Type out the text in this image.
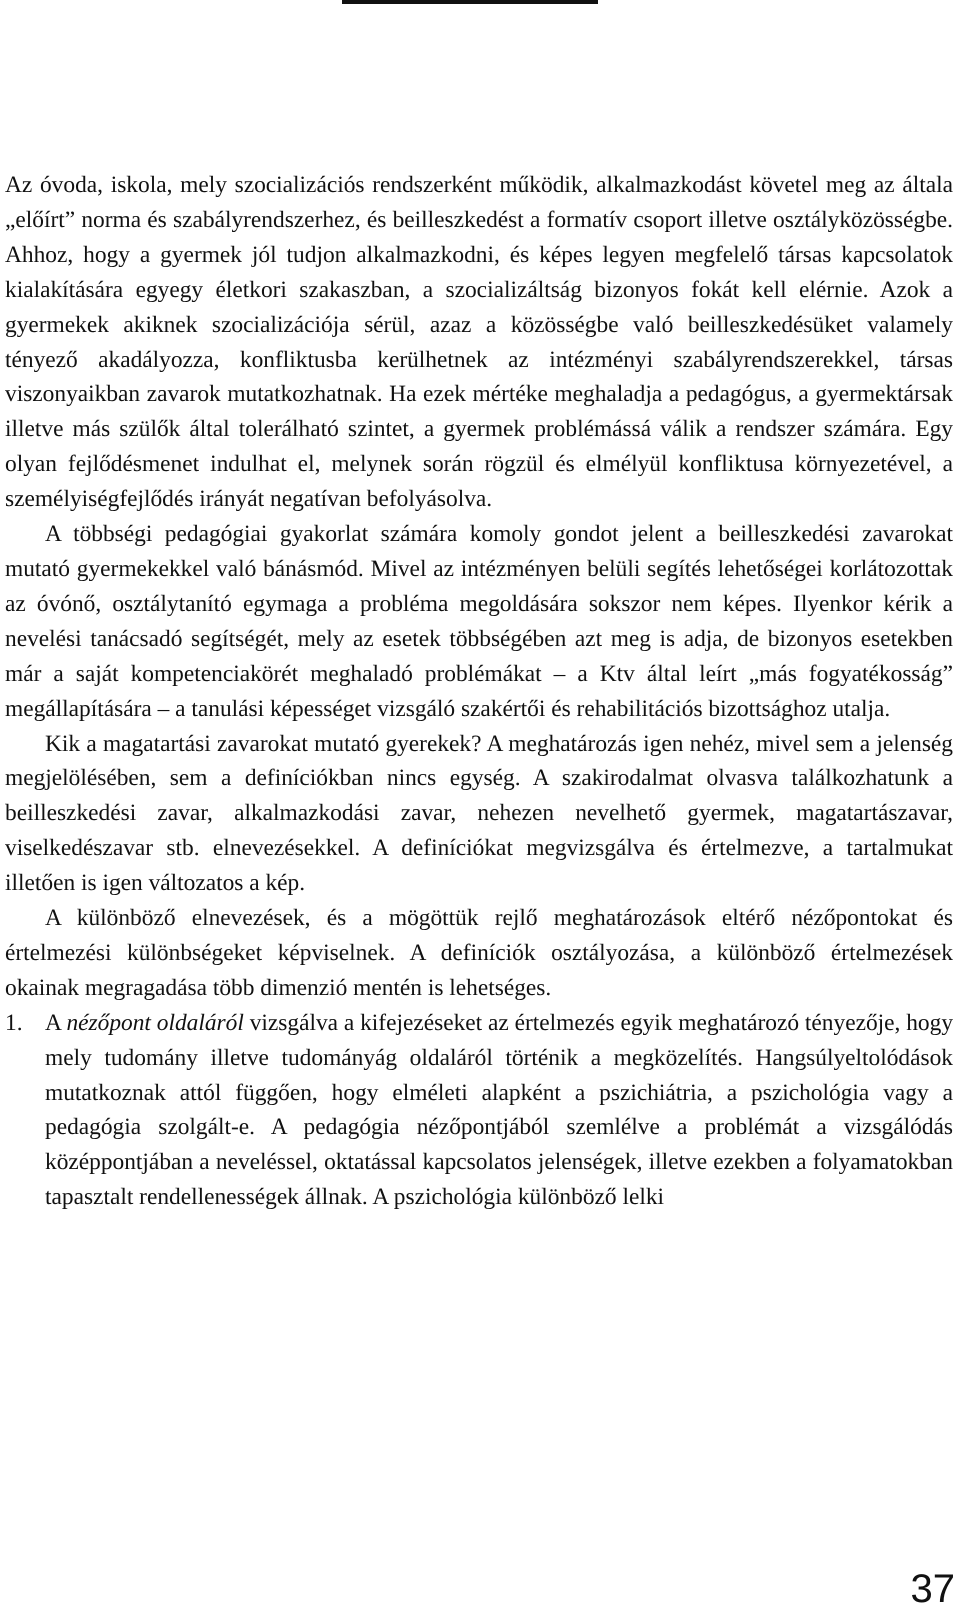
Az óvoda, iskola, mely szocializációs rendszerként működik, alkalmazkodást követel meg az általa „előírt” norma és szabályrendszerhez, és beilleszkedést a formatív csoport illetve osztályközösségbe. Ahhoz, hogy a gyermek jól tudjon alkalmazkodni, és képes legyen megfelelő társas kapcsolatok kialakítására egyegy életkori szakaszban, a szocializáltság bizonyos fokát kell elérnie. Azok a gyermekek akiknek szocializációja sérül, azaz a közösségbe való beilleszkedésüket valamely tényező akadályozza, konfliktusba kerülhetnek az intézményi szabályrendszerekkel, társas viszonyaikban zavarok mutatkozhatnak. Ha ezek mértéke meghaladja a pedagógus, a gyermektársak illetve más szülők által tolerálható szintet, a gyermek problémássá válik a rendszer számára. Egy olyan fejlődésmenet indulhat el, melynek során rögzül és elmélyül konfliktusa környezetével, a személyiségfejlődés irányát negatívan befolyásolva.

A többségi pedagógiai gyakorlat számára komoly gondot jelent a beilleszkedési zavarokat mutató gyermekekkel való bánásmód. Mivel az intézményen belüli segítés lehetőségei korlátozottak az óvónő, osztálytanító egymaga a probléma megoldására sokszor nem képes. Ilyenkor kérik a nevelési tanácsadó segítségét, mely az esetek többségében azt meg is adja, de bizonyos esetekben már a saját kompetenciakörét meghaladó problémákat – a Ktv által leírt „más fogyatékosság” megállapítására – a tanulási képességet vizsgáló szakértői és rehabilitációs bizottsághoz utalja.

Kik a magatartási zavarokat mutató gyerekek? A meghatározás igen nehéz, mivel sem a jelenség megjelölésében, sem a definíciókban nincs egység. A szakirodalmat olvasva találkozhatunk a beilleszkedési zavar, alkalmazkodási zavar, nehezen nevelhető gyermek, magatartászavar, viselkedészavar stb. elnevezésekkel. A definíciókat megvizsgálva és értelmezve, a tartalmukat illetően is igen változatos a kép.

A különböző elnevezések, és a mögöttük rejlő meghatározások eltérő nézőpontokat és értelmezési különbségeket képviselnek. A definíciók osztályozása, a különböző értelmezések okainak megragadása több dimenzió mentén is lehetséges.

1. A nézőpont oldaláról vizsgálva a kifejezéseket az értelmezés egyik meghatározó tényezője, hogy mely tudomány illetve tudományág oldaláról történik a megközelítés. Hangsúlyeltolódások mutatkoznak attól függően, hogy elméleti alapként a pszichiátria, a pszichológia vagy a pedagógia szolgált-e. A pedagógia nézőpontjából szemlélve a problémát a vizsgálódás középpontjában a neveléssel, oktatással kapcsolatos jelenségek, illetve ezekben a folyamatokban tapasztalt rendellenességek állnak. A pszichológia különböző lelki

37
